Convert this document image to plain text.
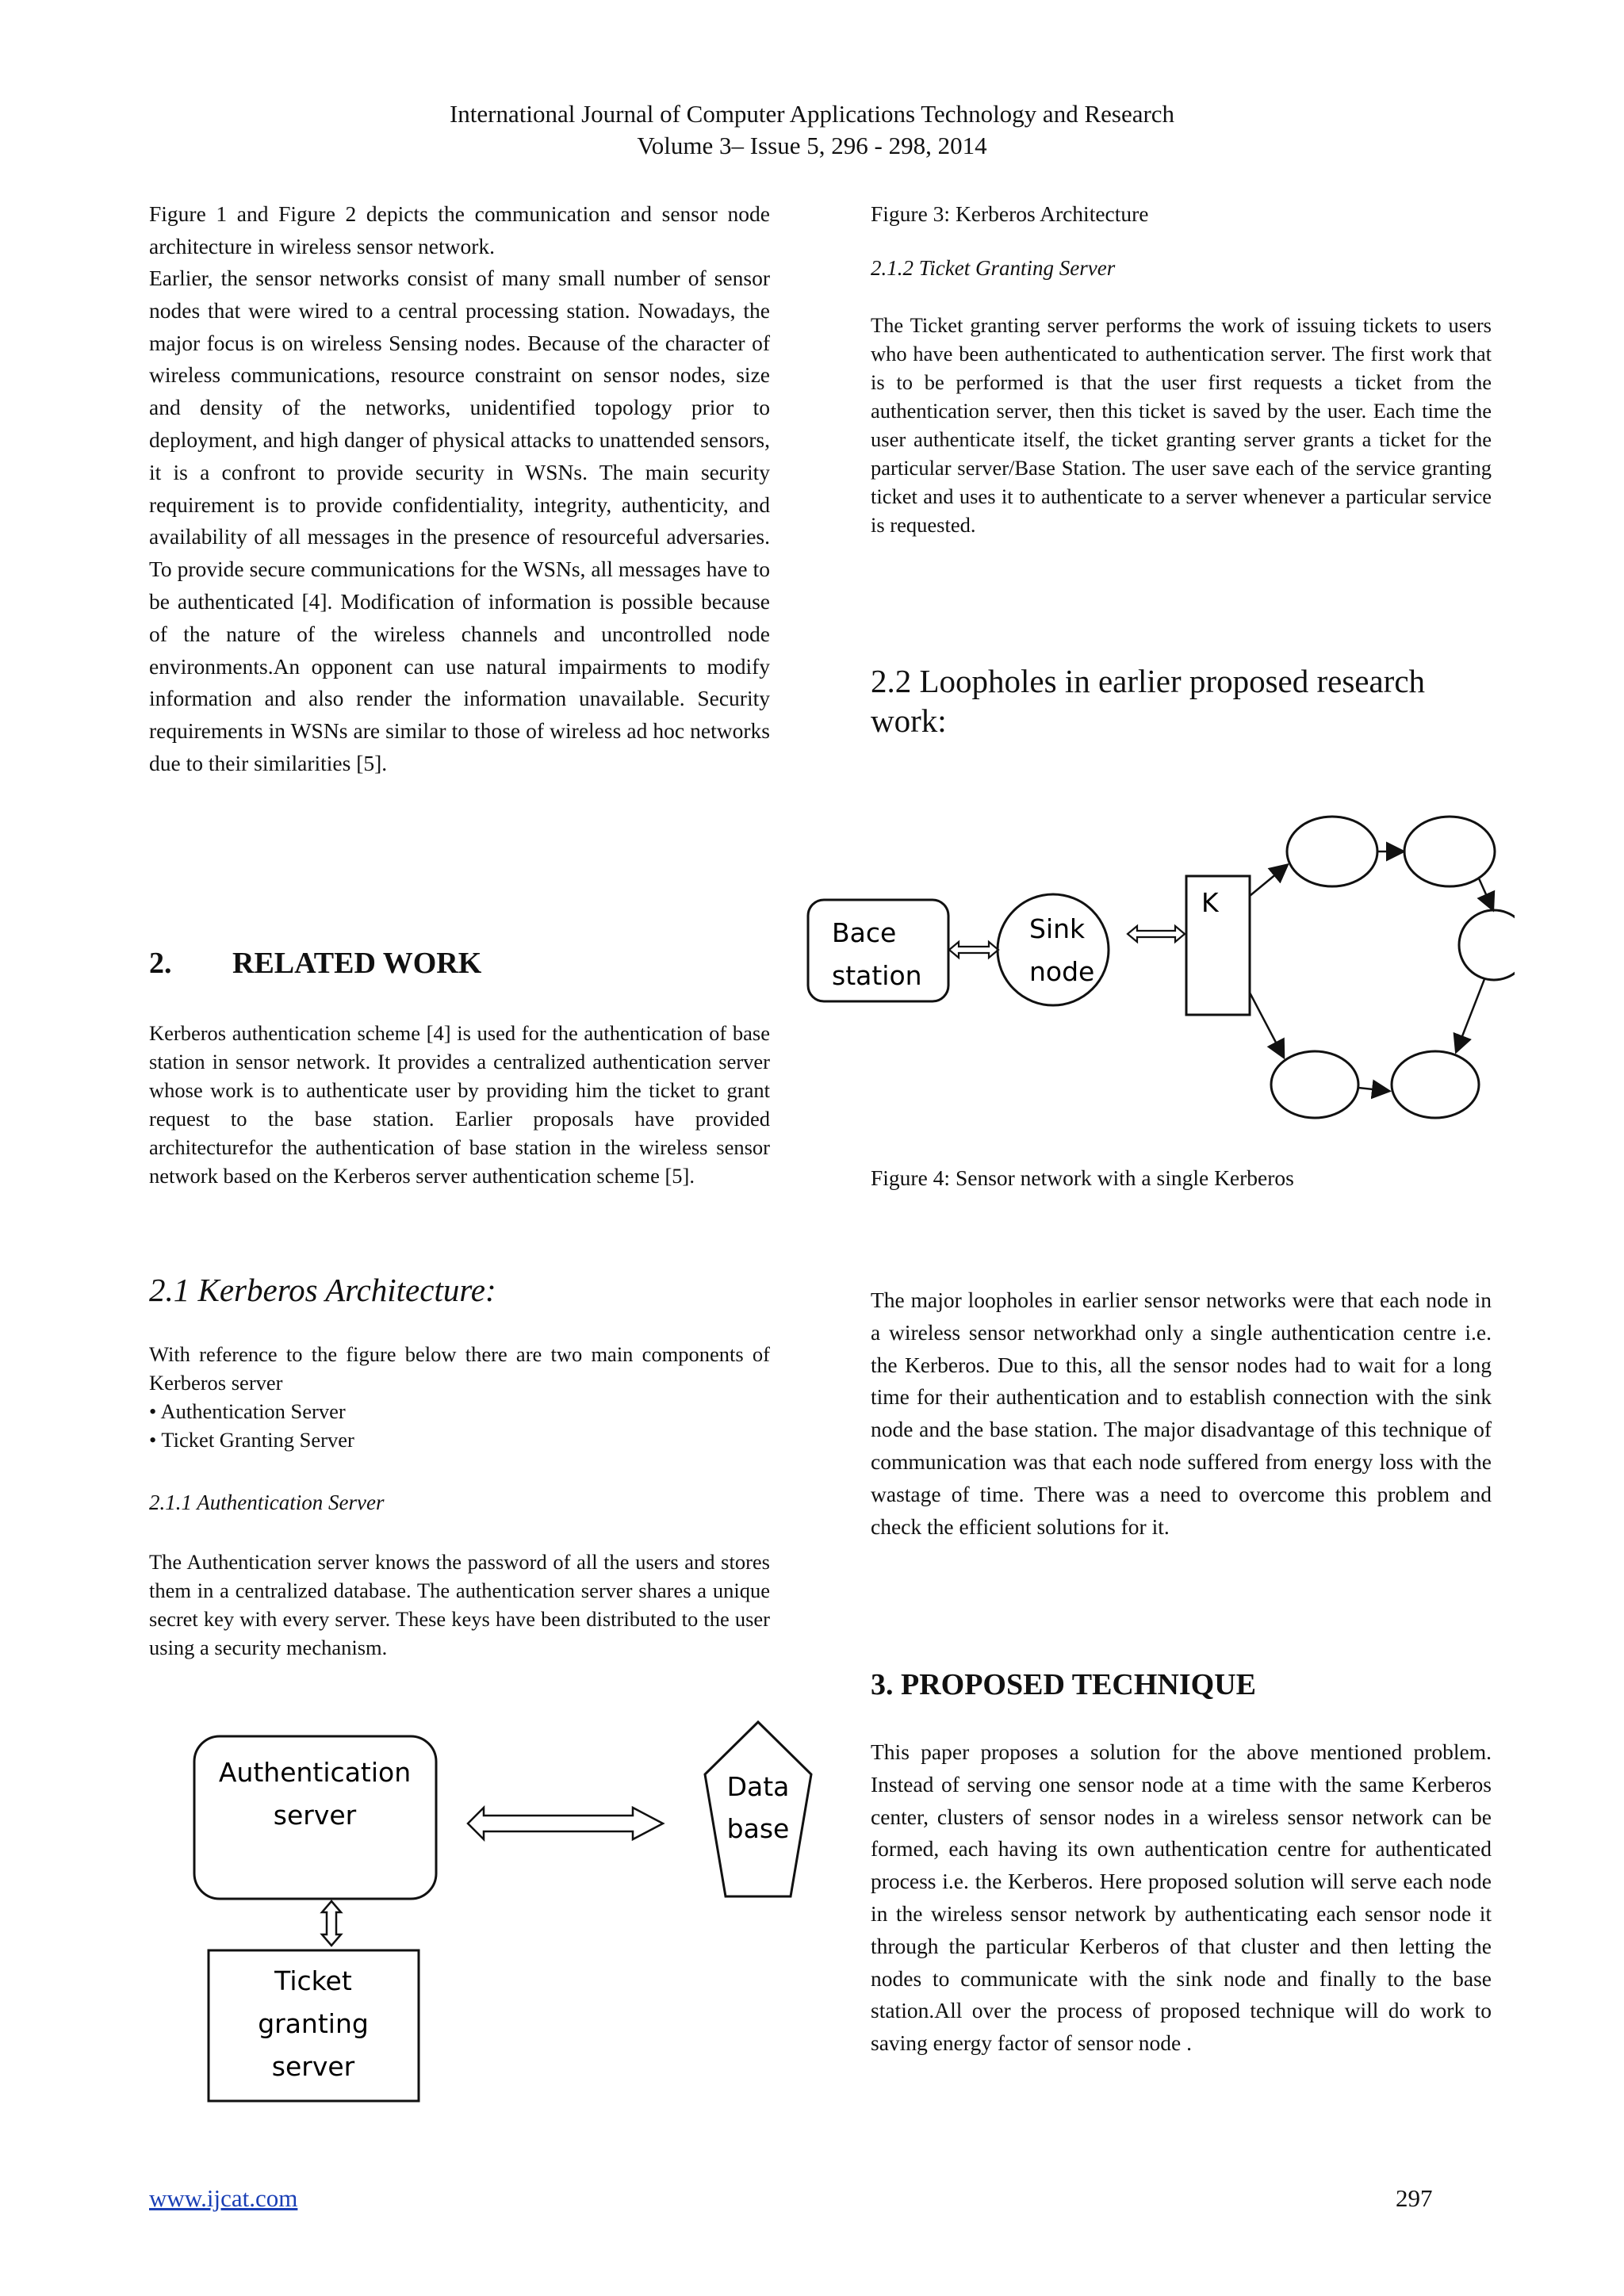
International Journal of Computer Applications Technology and Research
Volume 3– Issue 5, 296 - 298, 2014
Figure 1 and Figure 2 depicts the communication and sensor node architecture in wireless sensor network.
Earlier, the sensor networks consist of many small number of sensor nodes that were wired to a central processing station. Nowadays, the major focus is on wireless Sensing nodes. Because of the character of wireless communications, resource constraint on sensor nodes, size and density of the networks, unidentified topology prior to deployment, and high danger of physical attacks to unattended sensors, it is a confront to provide security in WSNs. The main security requirement is to provide confidentiality, integrity, authenticity, and availability of all messages in the presence of resourceful adversaries. To provide secure communications for the WSNs, all messages have to be authenticated [4]. Modification of information is possible because of the nature of the wireless channels and uncontrolled node environments.An opponent can use natural impairments to modify information and also render the information unavailable. Security requirements in WSNs are similar to those of wireless ad hoc networks due to their similarities [5].
2. RELATED WORK
Kerberos authentication scheme [4] is used for the authentication of base station in sensor network. It provides a centralized authentication server whose work is to authenticate user by providing him the ticket to grant request to the base station. Earlier proposals have provided architecturefor the authentication of base station in the wireless sensor network based on the Kerberos server authentication scheme [5].
2.1 Kerberos Architecture:
With reference to the figure below there are two main components of Kerberos server
• Authentication Server
• Ticket Granting Server
2.1.1 Authentication Server
The Authentication server knows the password of all the users and stores them in a centralized database. The authentication server shares a unique secret key with every server. These keys have been distributed to the user using a security mechanism.
Authentication
server
Data
base
Ticket
granting
server
Figure 3: Kerberos Architecture
2.1.2 Ticket Granting Server
The Ticket granting server performs the work of issuing tickets to users who have been authenticated to authentication server. The first work that is to be performed is that the user first requests a ticket from the authentication server, then this ticket is saved by the user. Each time the user authenticate itself, the ticket granting server grants a ticket for the particular server/Base Station. The user save each of the service granting ticket and uses it to authenticate to a server whenever a particular service is requested.
2.2 Loopholes in earlier proposed research work:
Bace
station
Sink
node
K
Figure 4: Sensor network with a single Kerberos
The major loopholes in earlier sensor networks were that each node in a wireless sensor networkhad only a single authentication centre i.e. the Kerberos. Due to this, all the sensor nodes had to wait for a long time for their authentication and to establish connection with the sink node and the base station. The major disadvantage of this technique of communication was that each node suffered from energy loss with the wastage of time. There was a need to overcome this problem and check the efficient solutions for it.
3. PROPOSED TECHNIQUE
This paper proposes a solution for the above mentioned problem. Instead of serving one sensor node at a time with the same Kerberos center, clusters of sensor nodes in a wireless sensor network can be formed, each having its own authentication centre for authenticated process i.e. the Kerberos. Here proposed solution will serve each node in the wireless sensor network by authenticating each sensor node it through the particular Kerberos of that cluster and then letting the nodes to communicate with the sink node and finally to the base station.All over the process of proposed technique will do work to saving energy factor of sensor node .
www.ijcat.com	297
